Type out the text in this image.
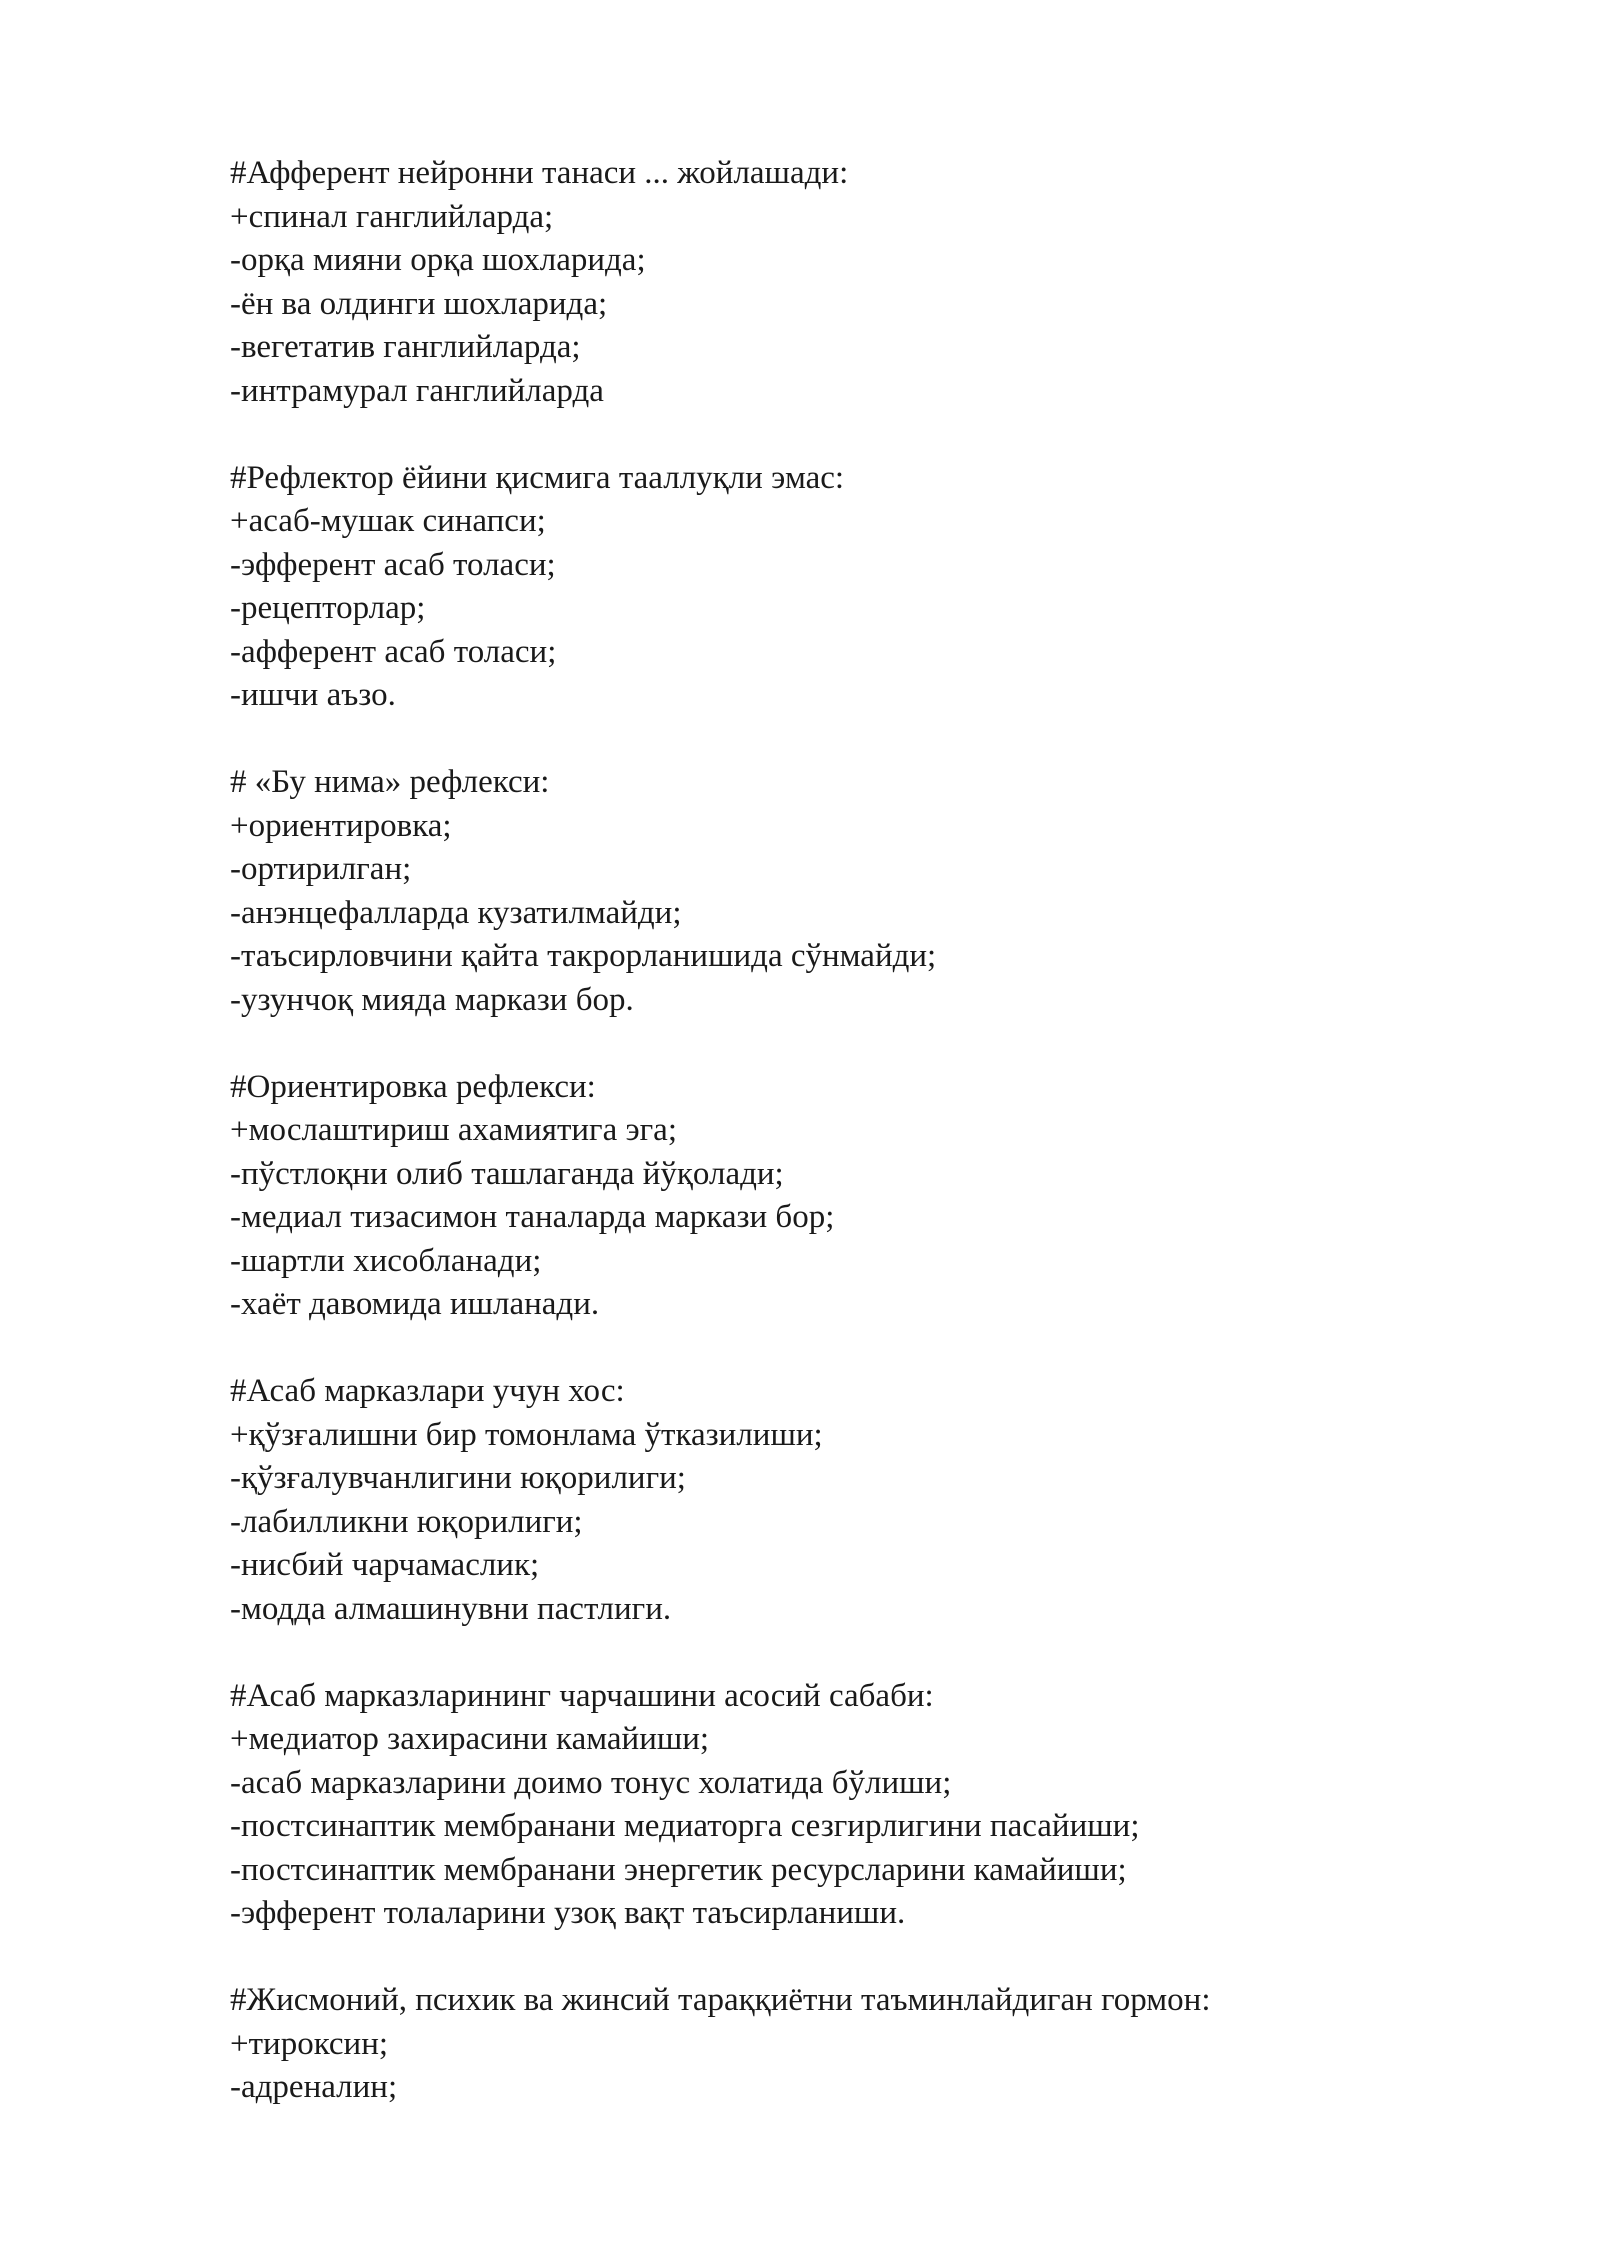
#Афферент нейронни танаси ... жойлашади:
+спинал ганглийларда;
-орқа мияни орқа шохларида;
-ён ва олдинги шохларида;
-вегетатив ганглийларда;
-интрамурал ганглийларда
#Рефлектор ёйини қисмига тааллуқли эмас:
+асаб-мушак синапси;
-эфферент асаб толаси;
-рецепторлар;
-афферент асаб толаси;
-ишчи аъзо.
# «Бу нима» рефлекси:
+ориентировка;
-ортирилган;
-анэнцефалларда кузатилмайди;
-таъсирловчини қайта такрорланишида сўнмайди;
-узунчоқ мияда маркази бор.
#Ориентировка рефлекси:
+мослаштириш ахамиятига эга;
-пўстлоқни олиб ташлаганда йўқолади;
-медиал тизасимон таналарда маркази бор;
-шартли хисобланади;
-хаёт давомида ишланади.
#Асаб марказлари учун хос:
+қўзғалишни бир томонлама ўтказилиши;
-қўзғалувчанлигини юқорилиги;
-лабилликни юқорилиги;
-нисбий чарчамаслик;
-модда алмашинувни пастлиги.
#Асаб марказларининг чарчашини асосий сабаби:
+медиатор захирасини камайиши;
-асаб марказларини доимо тонус холатида бўлиши;
-постсинаптик мембранани медиаторга сезгирлигини пасайиши;
-постсинаптик мембранани энергетик ресурсларини камайиши;
-эфферент толаларини узоқ вақт таъсирланиши.
#Жисмоний, психик ва жинсий тараққиётни таъминлайдиган гормон:
+тироксин;
-адреналин;
